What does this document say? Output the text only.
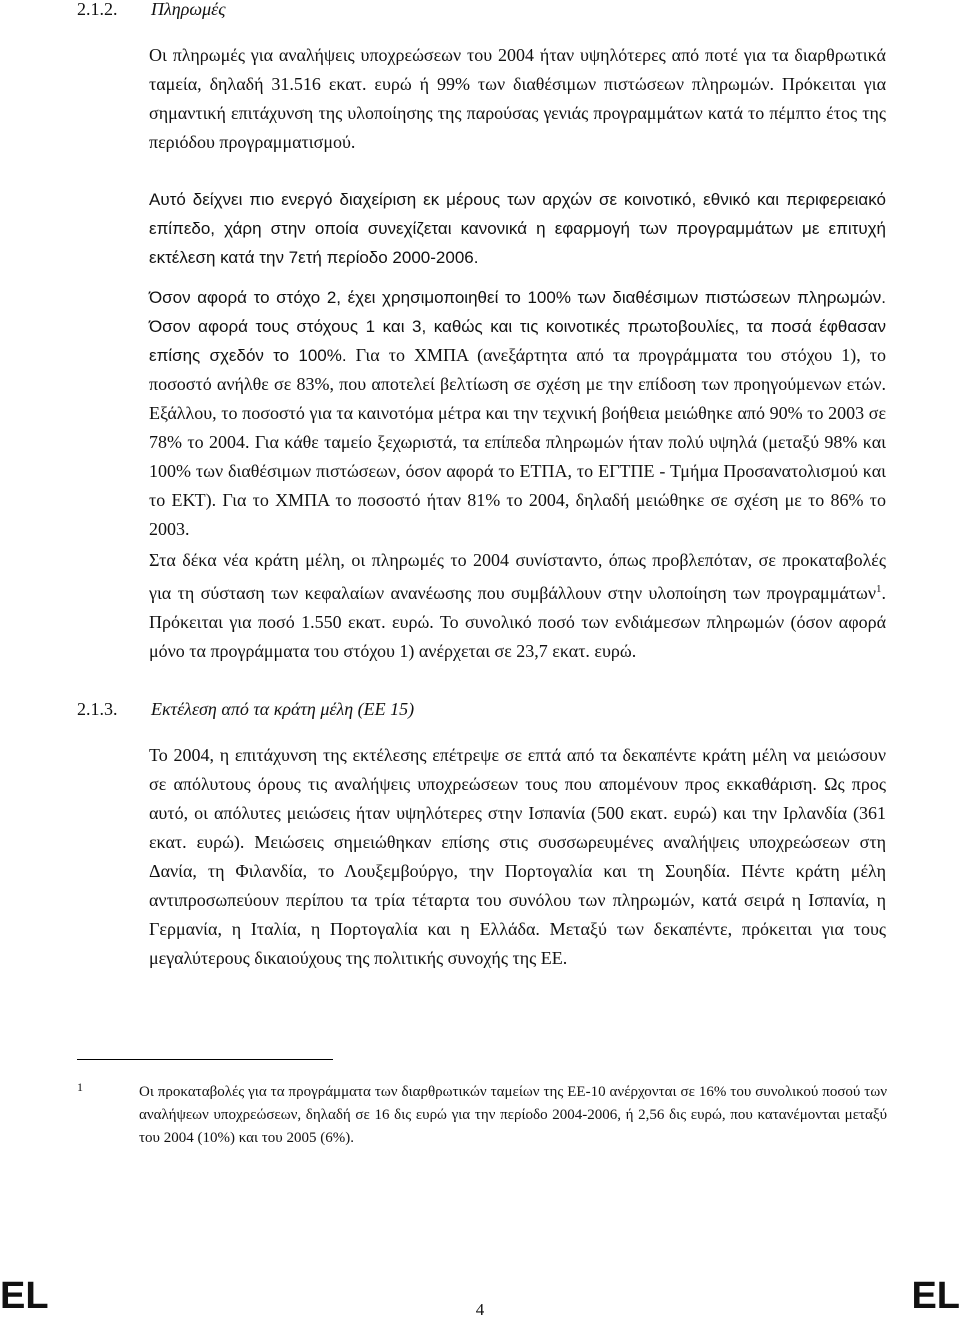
2.1.2. Πληρωμές

Οι πληρωμές για αναλήψεις υποχρεώσεων του 2004 ήταν υψηλότερες από ποτέ για τα διαρθρωτικά ταμεία, δηλαδή 31.516 εκατ. ευρώ ή 99% των διαθέσιμων πιστώσεων πληρωμών. Πρόκειται για σημαντική επιτάχυνση της υλοποίησης της παρούσας γενιάς προγραμμάτων κατά το πέμπτο έτος της περιόδου προγραμματισμού.

Αυτό δείχνει πιο ενεργό διαχείριση εκ μέρους των αρχών σε κοινοτικό, εθνικό και περιφερειακό επίπεδο, χάρη στην οποία συνεχίζεται κανονικά η εφαρμογή των προγραμμάτων με επιτυχή εκτέλεση κατά την 7ετή περίοδο 2000-2006.

Όσον αφορά το στόχο 2, έχει χρησιμοποιηθεί το 100% των διαθέσιμων πιστώσεων πληρωμών. Όσον αφορά τους στόχους 1 και 3, καθώς και τις κοινοτικές πρωτοβουλίες, τα ποσά έφθασαν επίσης σχεδόν το 100%. Για το ΧΜΠΑ (ανεξάρτητα από τα προγράμματα του στόχου 1), το ποσοστό ανήλθε σε 83%, που αποτελεί βελτίωση σε σχέση με την επίδοση των προηγούμενων ετών. Εξάλλου, το ποσοστό για τα καινοτόμα μέτρα και την τεχνική βοήθεια μειώθηκε από 90% το 2003 σε 78% το 2004. Για κάθε ταμείο ξεχωριστά, τα επίπεδα πληρωμών ήταν πολύ υψηλά (μεταξύ 98% και 100% των διαθέσιμων πιστώσεων, όσον αφορά το ΕΤΠΑ, το ΕΓΤΠΕ - Τμήμα Προσανατολισμού και το ΕΚΤ). Για το ΧΜΠΑ το ποσοστό ήταν 81% το 2004, δηλαδή μειώθηκε σε σχέση με το 86% το 2003.

Στα δέκα νέα κράτη μέλη, οι πληρωμές το 2004 συνίσταντο, όπως προβλεπόταν, σε προκαταβολές για τη σύσταση των κεφαλαίων ανανέωσης που συμβάλλουν στην υλοποίηση των προγραμμάτων$^1$. Πρόκειται για ποσό 1.550 εκατ. ευρώ. Το συνολικό ποσό των ενδιάμεσων πληρωμών (όσον αφορά μόνο τα προγράμματα του στόχου 1) ανέρχεται σε 23,7 εκατ. ευρώ.

2.1.3. Εκτέλεση από τα κράτη μέλη (ΕΕ 15)

Το 2004, η επιτάχυνση της εκτέλεσης επέτρεψε σε επτά από τα δεκαπέντε κράτη μέλη να μειώσουν σε απόλυτους όρους τις αναλήψεις υποχρεώσεων τους που απομένουν προς εκκαθάριση. Ως προς αυτό, οι απόλυτες μειώσεις ήταν υψηλότερες στην Ισπανία (500 εκατ. ευρώ) και την Ιρλανδία (361 εκατ. ευρώ). Μειώσεις σημειώθηκαν επίσης στις συσσωρευμένες αναλήψεις υποχρεώσεων στη Δανία, τη Φιλανδία, το Λουξεμβούργο, την Πορτογαλία και τη Σουηδία. Πέντε κράτη μέλη αντιπροσωπεύουν περίπου τα τρία τέταρτα του συνόλου των πληρωμών, κατά σειρά η Ισπανία, η Γερμανία, η Ιταλία, η Πορτογαλία και η Ελλάδα. Μεταξύ των δεκαπέντε, πρόκειται για τους μεγαλύτερους δικαιούχους της πολιτικής συνοχής της ΕΕ.

1	Οι προκαταβολές για τα προγράμματα των διαρθρωτικών ταμείων της ΕΕ-10 ανέρχονται σε 16% του συνολικού ποσού των αναλήψεων υποχρεώσεων, δηλαδή σε 16 δις ευρώ για την περίοδο 2004-2006, ή 2,56 δις ευρώ, που κατανέμονται μεταξύ του 2004 (10%) και του 2005 (6%).

EL	4	EL
